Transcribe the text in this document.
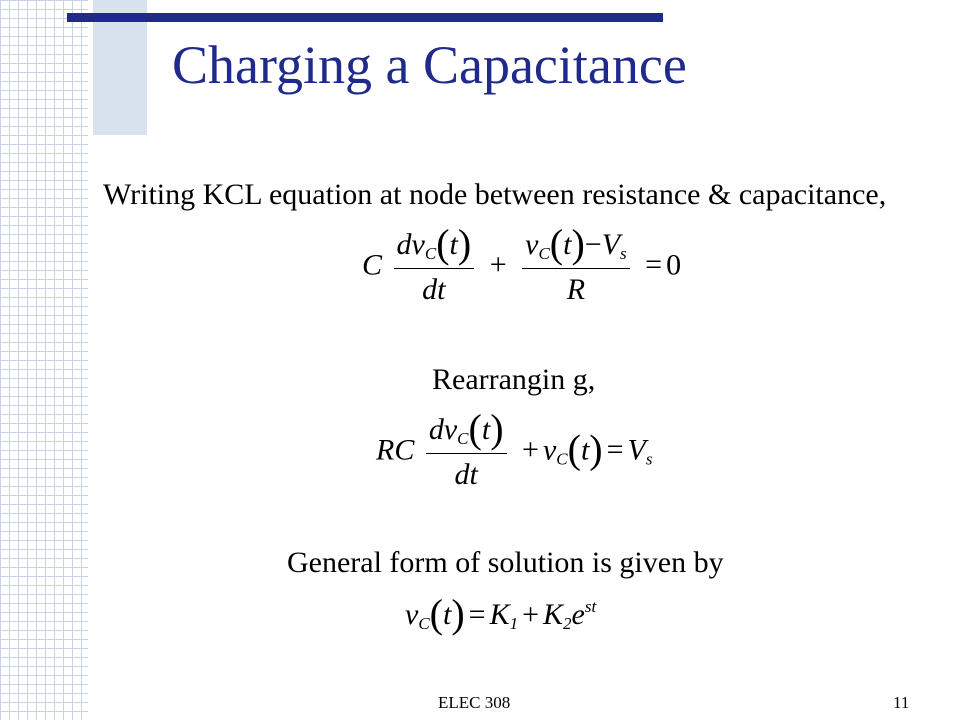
Charging a Capacitance
Writing KCL equation at node between resistance & capacitance,
C $\frac{dv_C(t)}{dt} + \frac{v_C(t)-V_s}{R} = 0$
Rearrangin g,
RC $\frac{dv_C(t)}{dt} + v_C(t) = V_s$
General form of solution is given by
$v_C(t) = K_1 + K_2e^{st}$
ELEC 308	11
